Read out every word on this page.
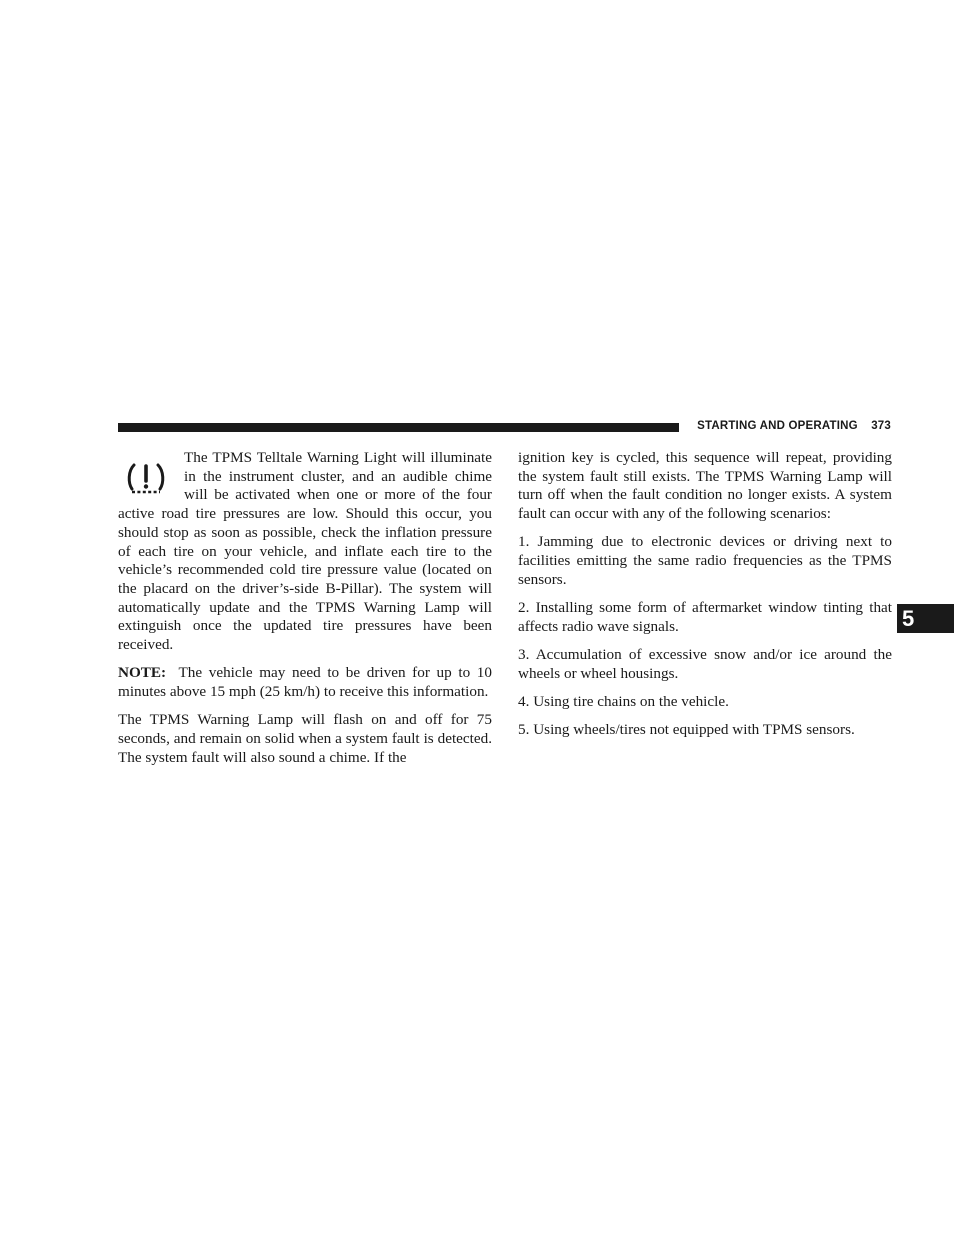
STARTING AND OPERATING 373
5

The TPMS Telltale Warning Light will illuminate in the instrument cluster, and an audible chime will be activated when one or more of the four active road tire pressures are low. Should this occur, you should stop as soon as possible, check the inflation pressure of each tire on your vehicle, and inflate each tire to the vehicle’s recommended cold tire pressure value (located on the placard on the driver’s-side B-Pillar). The system will automatically update and the TPMS Warning Lamp will extinguish once the updated tire pressures have been received.

NOTE: The vehicle may need to be driven for up to 10 minutes above 15 mph (25 km/h) to receive this information.

The TPMS Warning Lamp will flash on and off for 75 seconds, and remain on solid when a system fault is detected. The system fault will also sound a chime. If the

ignition key is cycled, this sequence will repeat, providing the system fault still exists. The TPMS Warning Lamp will turn off when the fault condition no longer exists. A system fault can occur with any of the following scenarios:

1. Jamming due to electronic devices or driving next to facilities emitting the same radio frequencies as the TPMS sensors.

2. Installing some form of aftermarket window tinting that affects radio wave signals.

3. Accumulation of excessive snow and/or ice around the wheels or wheel housings.

4. Using tire chains on the vehicle.

5. Using wheels/tires not equipped with TPMS sensors.
